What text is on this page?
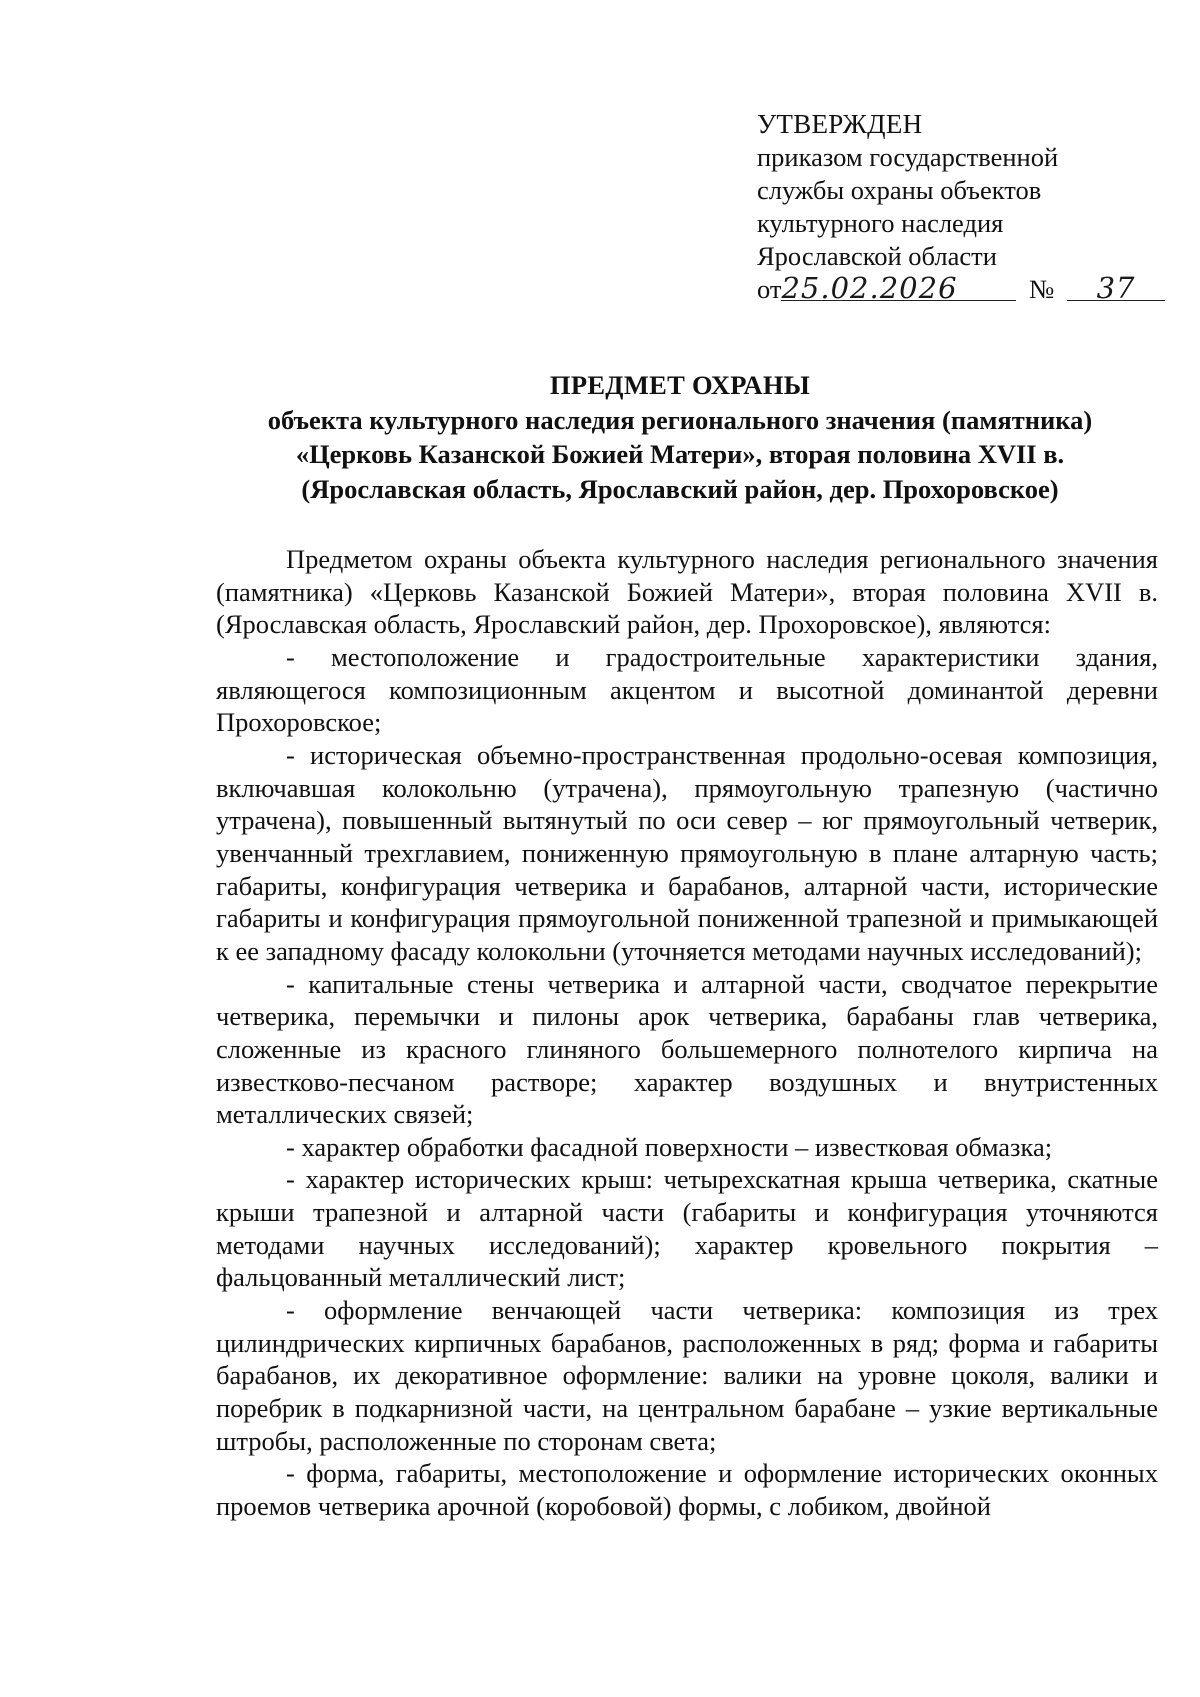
УТВЕРЖДЕН
приказом государственной
службы охраны объектов
культурного наследия
Ярославской области
от25.02.2026	№ 37
ПРЕДМЕТ ОХРАНЫ
объекта культурного наследия регионального значения (памятника)
«Церковь Казанской Божией Матери», вторая половина XVII в.
(Ярославская область, Ярославский район, дер. Прохоровское)

Предметом охраны объекта культурного наследия регионального значения (памятника) «Церковь Казанской Божией Матери», вторая половина XVII в. (Ярославская область, Ярославский район, дер. Прохоровское), являются:

- местоположение и градостроительные характеристики здания, являющегося композиционным акцентом и высотной доминантой деревни Прохоровское;

- историческая объемно-пространственная продольно-осевая композиция, включавшая колокольню (утрачена), прямоугольную трапезную (частично утрачена), повышенный вытянутый по оси север – юг прямоугольный четверик, увенчанный трехглавием, пониженную прямоугольную в плане алтарную часть; габариты, конфигурация четверика и барабанов, алтарной части, исторические габариты и конфигурация прямоугольной пониженной трапезной и примыкающей к ее западному фасаду колокольни (уточняется методами научных исследований);

- капитальные стены четверика и алтарной части, сводчатое перекрытие четверика, перемычки и пилоны арок четверика, барабаны глав четверика, сложенные из красного глиняного большемерного полнотелого кирпича на известково-песчаном растворе; характер воздушных и внутристенных металлических связей;

- характер обработки фасадной поверхности – известковая обмазка;

- характер исторических крыш: четырехскатная крыша четверика, скатные крыши трапезной и алтарной части (габариты и конфигурация уточняются методами научных исследований); характер кровельного покрытия – фальцованный металлический лист;

- оформление венчающей части четверика: композиция из трех цилиндрических кирпичных барабанов, расположенных в ряд; форма и габариты барабанов, их декоративное оформление: валики на уровне цоколя, валики и поребрик в подкарнизной части, на центральном барабане – узкие вертикальные штробы, расположенные по сторонам света;

- форма, габариты, местоположение и оформление исторических оконных проемов четверика арочной (коробовой) формы, с лобиком, двойной
